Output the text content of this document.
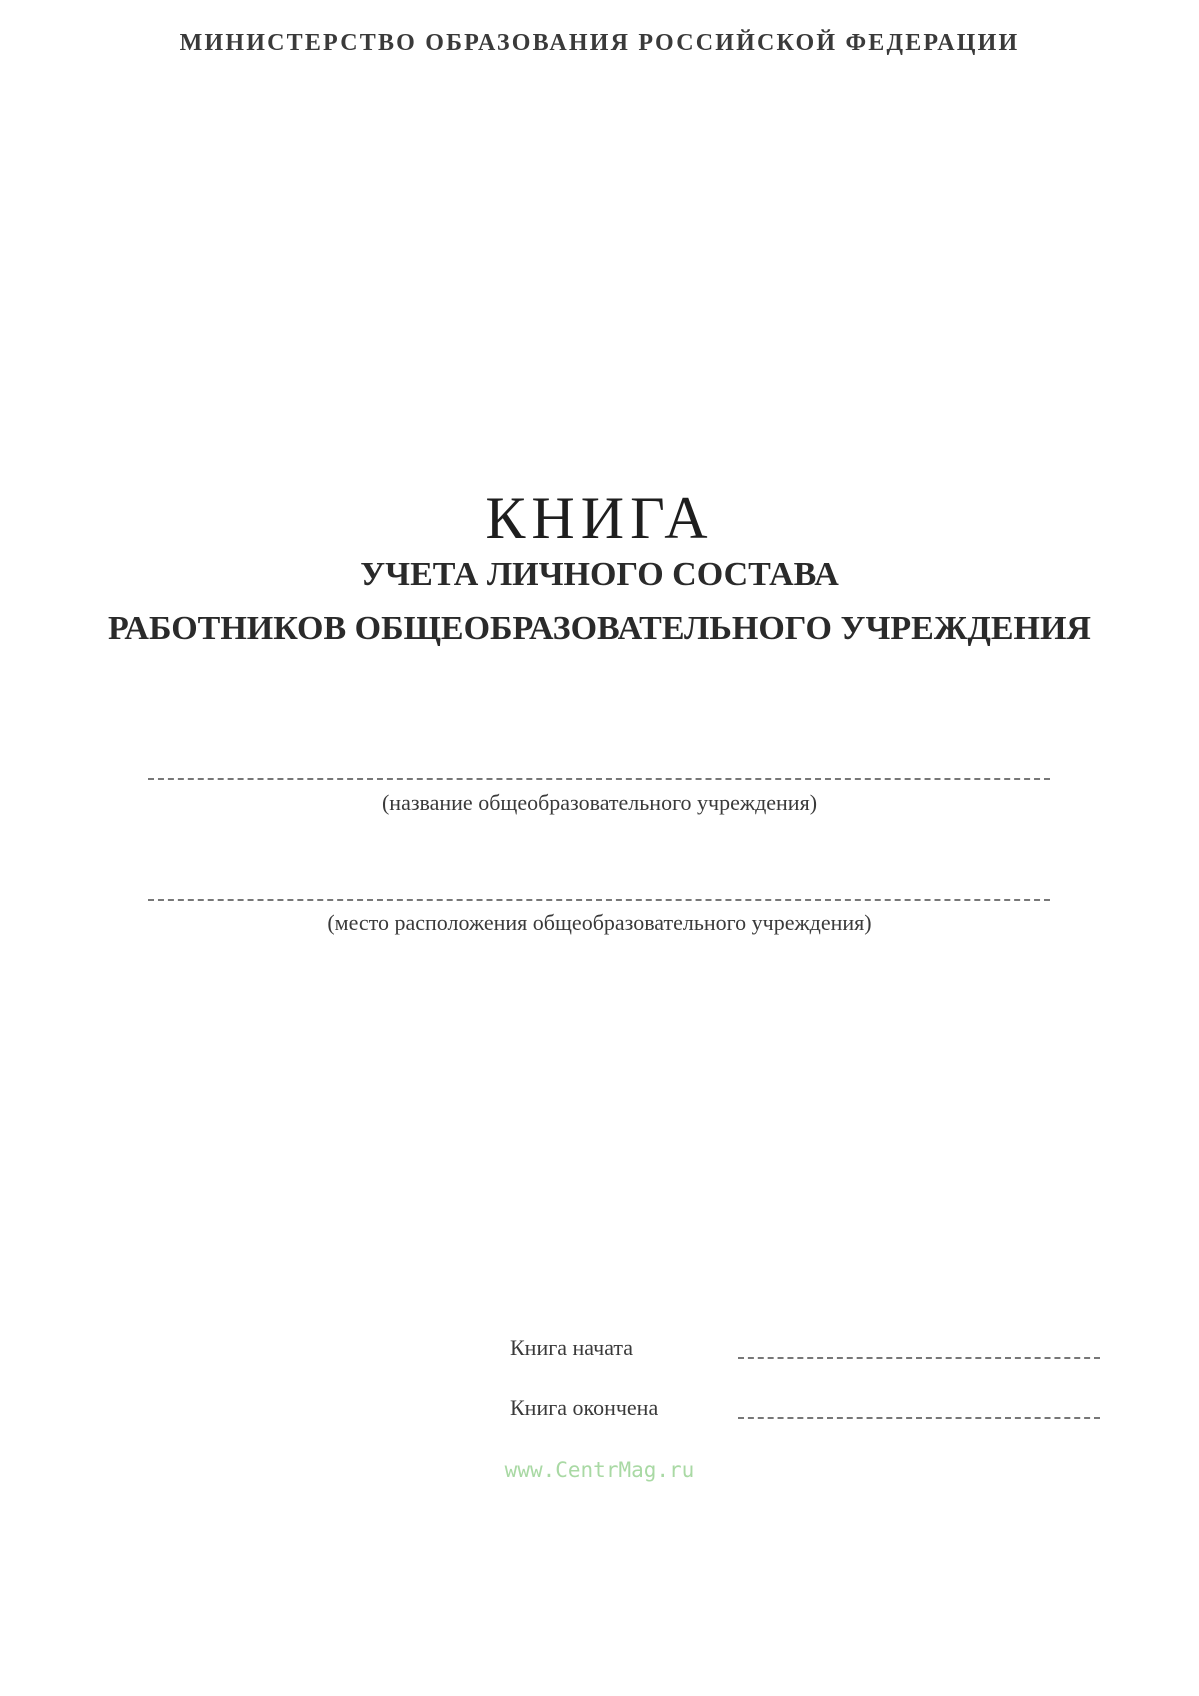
МИНИСТЕРСТВО ОБРАЗОВАНИЯ РОССИЙСКОЙ ФЕДЕРАЦИИ
КНИГА
УЧЕТА ЛИЧНОГО СОСТАВА
РАБОТНИКОВ ОБЩЕОБРАЗОВАТЕЛЬНОГО УЧРЕЖДЕНИЯ
(название общеобразовательного учреждения)
(место расположения общеобразовательного учреждения)
Книга начата
Книга окончена
www.CentrMag.ru
